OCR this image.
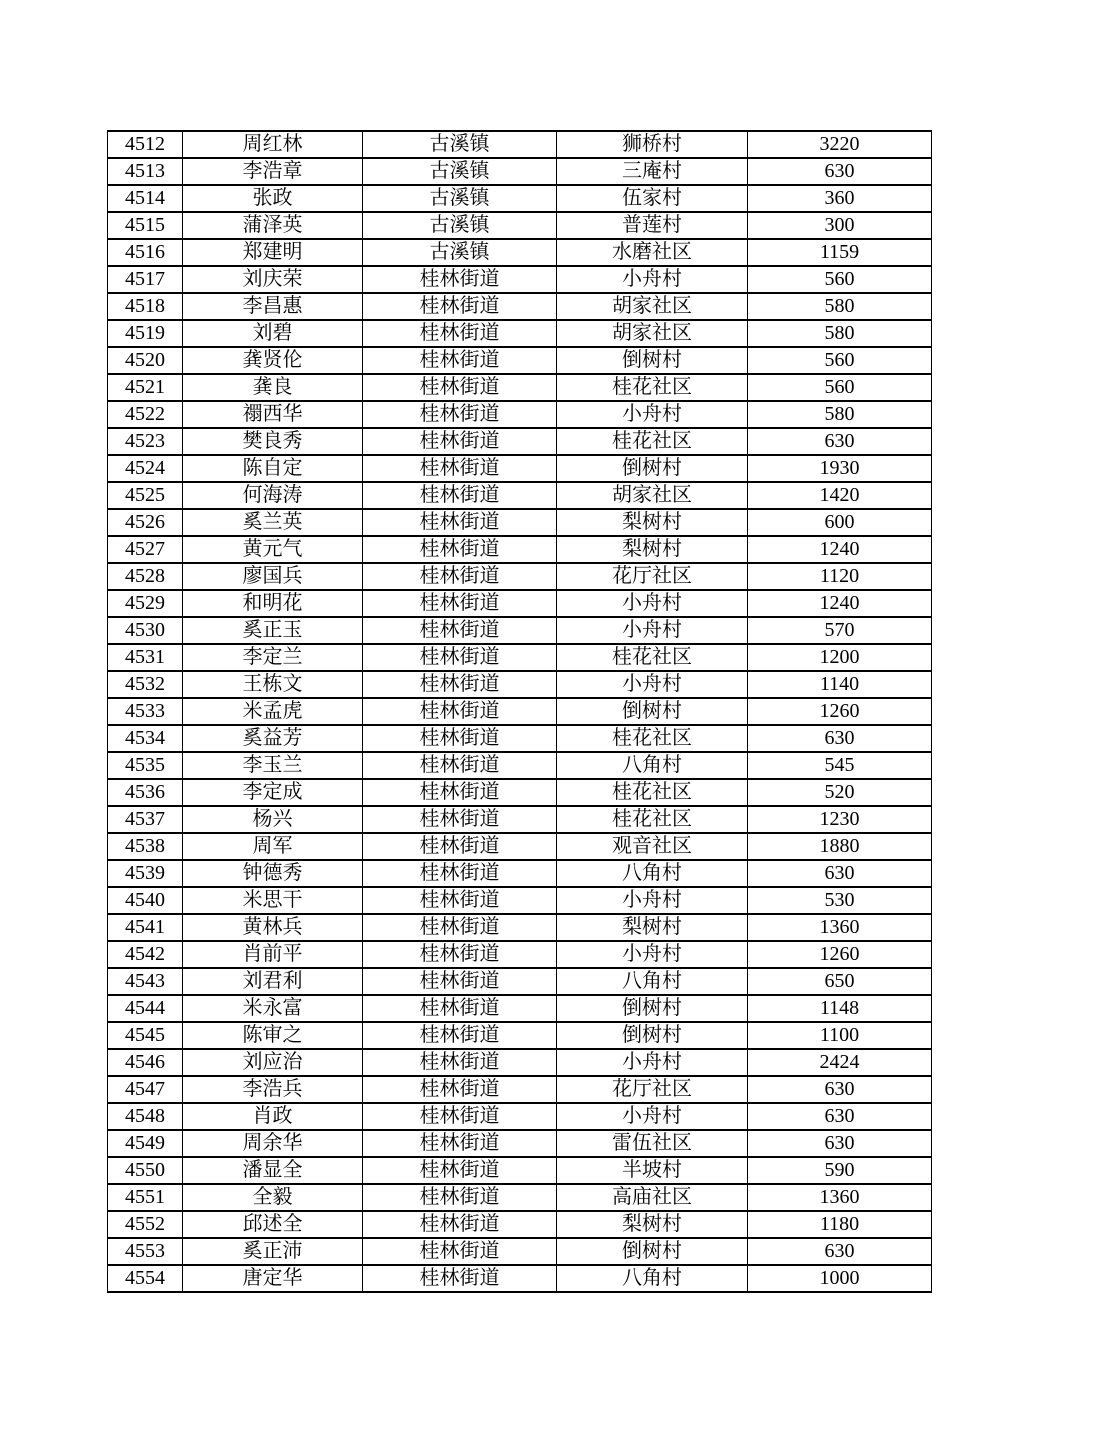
4512	周红林	古溪镇	狮桥村	3220
4513	李浩章	古溪镇	三庵村	630
4514	张政	古溪镇	伍家村	360
4515	蒲泽英	古溪镇	普莲村	300
4516	郑建明	古溪镇	水磨社区	1159
4517	刘庆荣	桂林街道	小舟村	560
4518	李昌惠	桂林街道	胡家社区	580
4519	刘碧	桂林街道	胡家社区	580
4520	龚贤伦	桂林街道	倒树村	560
4521	龚良	桂林街道	桂花社区	560
4522	禤西华	桂林街道	小舟村	580
4523	樊良秀	桂林街道	桂花社区	630
4524	陈自定	桂林街道	倒树村	1930
4525	何海涛	桂林街道	胡家社区	1420
4526	奚兰英	桂林街道	梨树村	600
4527	黄元气	桂林街道	梨树村	1240
4528	廖国兵	桂林街道	花厅社区	1120
4529	和明花	桂林街道	小舟村	1240
4530	奚正玉	桂林街道	小舟村	570
4531	李定兰	桂林街道	桂花社区	1200
4532	王栋文	桂林街道	小舟村	1140
4533	米孟虎	桂林街道	倒树村	1260
4534	奚益芳	桂林街道	桂花社区	630
4535	李玉兰	桂林街道	八角村	545
4536	李定成	桂林街道	桂花社区	520
4537	杨兴	桂林街道	桂花社区	1230
4538	周军	桂林街道	观音社区	1880
4539	钟德秀	桂林街道	八角村	630
4540	米思干	桂林街道	小舟村	530
4541	黄林兵	桂林街道	梨树村	1360
4542	肖前平	桂林街道	小舟村	1260
4543	刘君利	桂林街道	八角村	650
4544	米永富	桂林街道	倒树村	1148
4545	陈审之	桂林街道	倒树村	1100
4546	刘应治	桂林街道	小舟村	2424
4547	李浩兵	桂林街道	花厅社区	630
4548	肖政	桂林街道	小舟村	630
4549	周余华	桂林街道	雷伍社区	630
4550	潘显全	桂林街道	半坡村	590
4551	全毅	桂林街道	高庙社区	1360
4552	邱述全	桂林街道	梨树村	1180
4553	奚正沛	桂林街道	倒树村	630
4554	唐定华	桂林街道	八角村	1000
